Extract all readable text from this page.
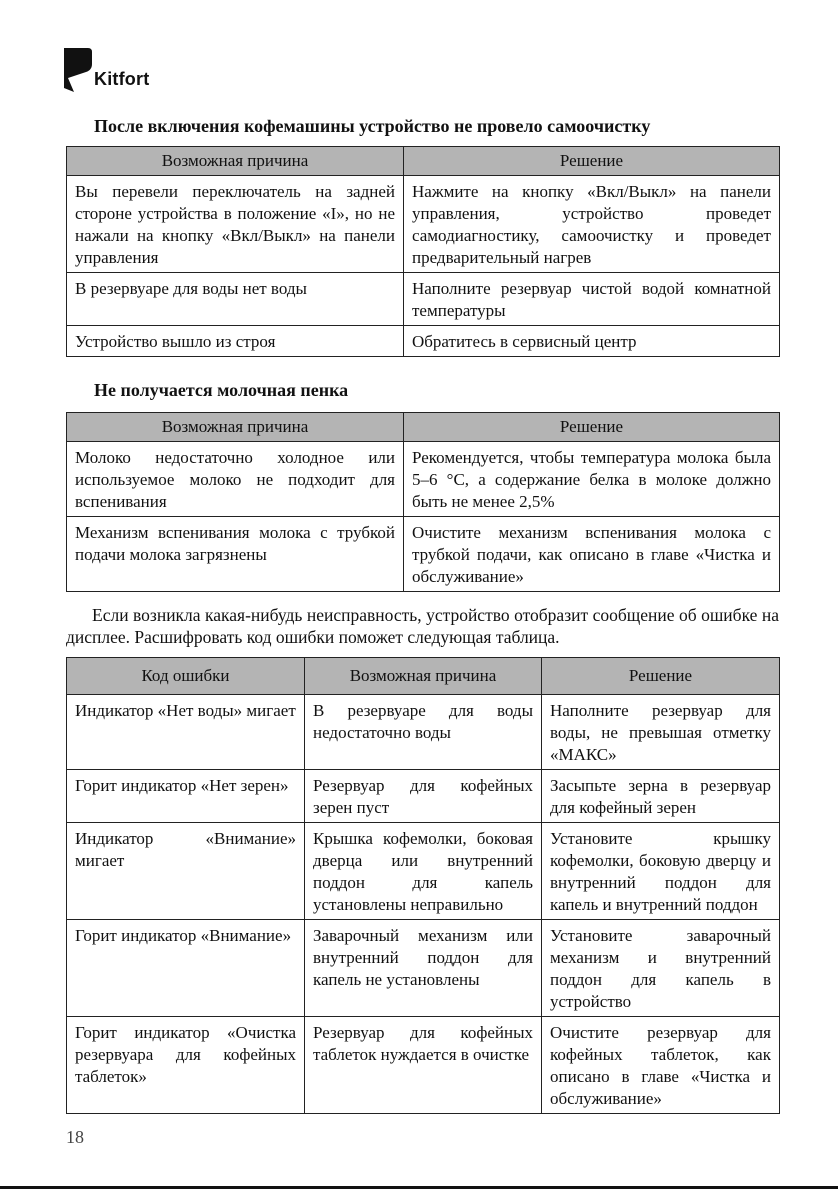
Kitfort
После включения кофемашины устройство не провело самоочистку
Возможная причина	Решение
Вы перевели переключатель на задней стороне устройства в положение «I», но не нажали на кнопку «Вкл/Выкл» на панели управления	Нажмите на кнопку «Вкл/Выкл» на панели управления, устройство проведет самодиагностику, самоочистку и проведет предварительный нагрев
В резервуаре для воды нет воды	Наполните резервуар чистой водой комнатной температуры
Устройство вышло из строя	Обратитесь в сервисный центр
Не получается молочная пенка
Возможная причина	Решение
Молоко недостаточно холодное или используемое молоко не подходит для вспенивания	Рекомендуется, чтобы температура молока была 5–6 °С, а содержание белка в молоке должно быть не менее 2,5%
Механизм вспенивания молока с трубкой подачи молока загрязнены	Очистите механизм вспенивания молока с трубкой подачи, как описано в главе «Чистка и обслуживание»
Если возникла какая-нибудь неисправность, устройство отобразит сообщение об ошибке на дисплее. Расшифровать код ошибки поможет следующая таблица.
Код ошибки	Возможная причина	Решение
Индикатор «Нет воды» мигает	В резервуаре для воды недостаточно воды	Наполните резервуар для воды, не превышая отметку «МАКС»
Горит индикатор «Нет зерен»	Резервуар для кофейных зерен пуст	Засыпьте зерна в резервуар для кофейный зерен
Индикатор «Внимание» мигает	Крышка кофемолки, боковая дверца или внутренний поддон для капель установлены неправильно	Установите крышку кофемолки, боковую дверцу и внутренний поддон для капель и внутренний поддон
Горит индикатор «Внимание»	Заварочный механизм или внутренний поддон для капель не установлены	Установите заварочный механизм и внутренний поддон для капель в устройство
Горит индикатор «Очистка резервуара для кофейных таблеток»	Резервуар для кофейных таблеток нуждается в очистке	Очистите резервуар для кофейных таблеток, как описано в главе «Чистка и обслуживание»
18
